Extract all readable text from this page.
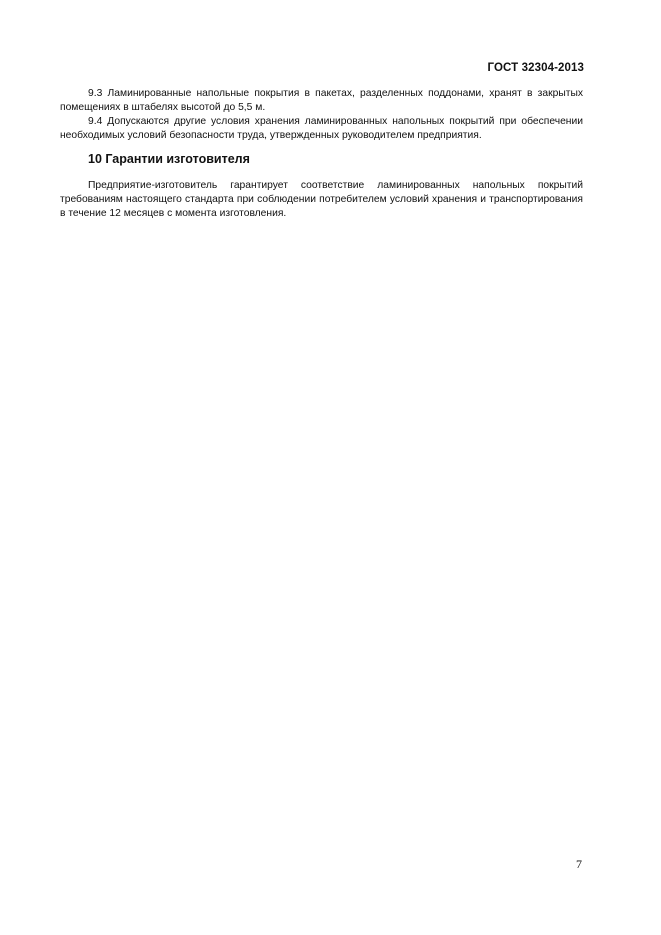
ГОСТ 32304-2013

9.3 Ламинированные напольные покрытия в пакетах, разделенных поддонами, хранят в закрытых помещениях в штабелях высотой до 5,5 м.

9.4 Допускаются другие условия хранения ламинированных напольных покрытий при обеспечении необходимых условий безопасности труда, утвержденных руководителем предприятия.

10 Гарантии изготовителя

Предприятие-изготовитель гарантирует соответствие ламинированных напольных покрытий требованиям настоящего стандарта при соблюдении потребителем условий хранения и транспортирования в течение 12 месяцев с момента изготовления.

7
